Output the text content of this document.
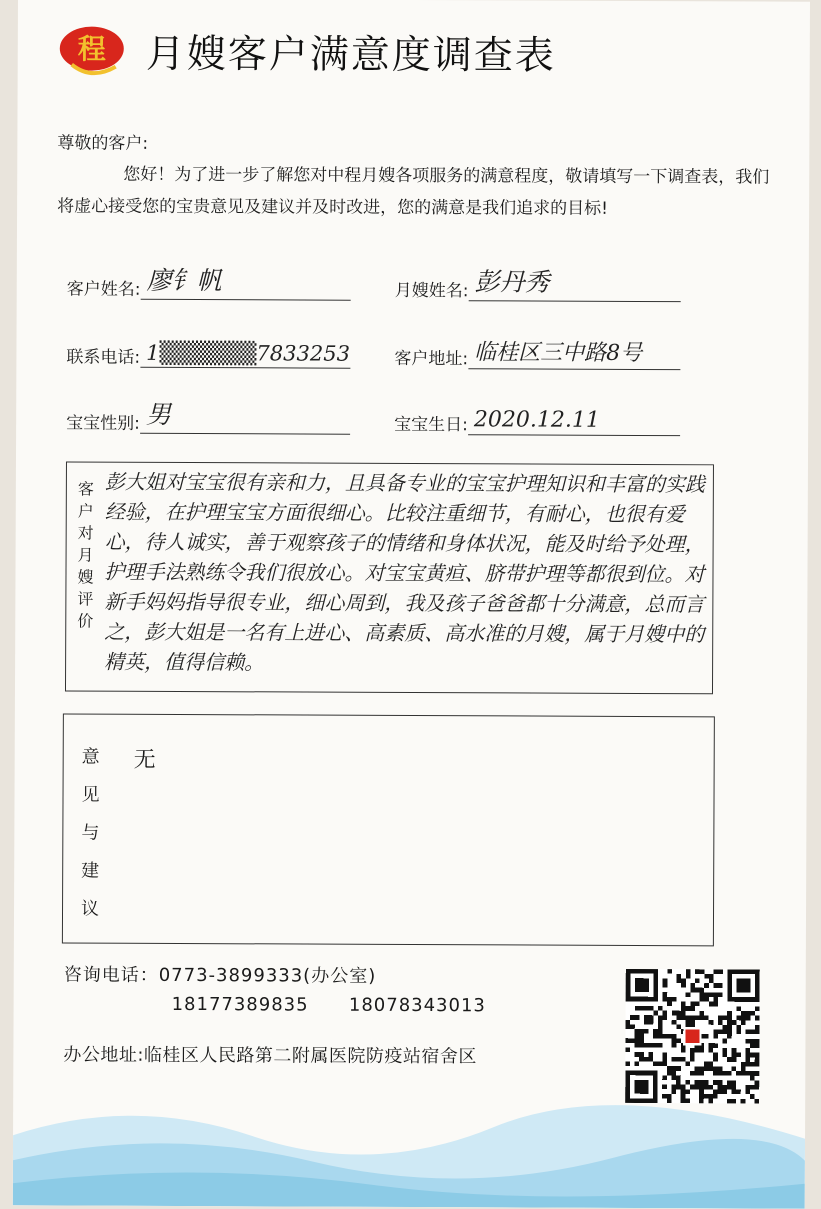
程 月嫂客户满意度调查表
尊敬的客户:
您好！为了进一步了解您对中程月嫂各项服务的满意程度，敬请填写一下调查表，我们将虚心接受您的宝贵意见及建议并及时改进，您的满意是我们追求的目标!
客户姓名: 廖钅帆	月嫂姓名: 彭丹秀
联系电话: 1▒▒▒▒▒▒7833253	客户地址: 临桂区三中路8号
宝宝性别: 男	宝宝生日: 2020.12.11
客
户
对
月
嫂
评
价
彭大姐对宝宝很有亲和力，且具备专业的宝宝护理知识和丰富的实践经验，在护理宝宝方面很细心。比较注重细节，有耐心，也很有爱心，待人诚实，善于观察孩子的情绪和身体状况，能及时给予处理，护理手法熟练令我们很放心。对宝宝黄疸、脐带护理等都很到位。对新手妈妈指导很专业，细心周到，我及孩子爸爸都十分满意，总而言之，彭大姐是一名有上进心、高素质、高水准的月嫂，属于月嫂中的精英，值得信赖。
意
见
与
建
议
无
咨询电话：0773-3899333(办公室)
18177389835      18078343013
办公地址:临桂区人民路第二附属医院防疫站宿舍区
